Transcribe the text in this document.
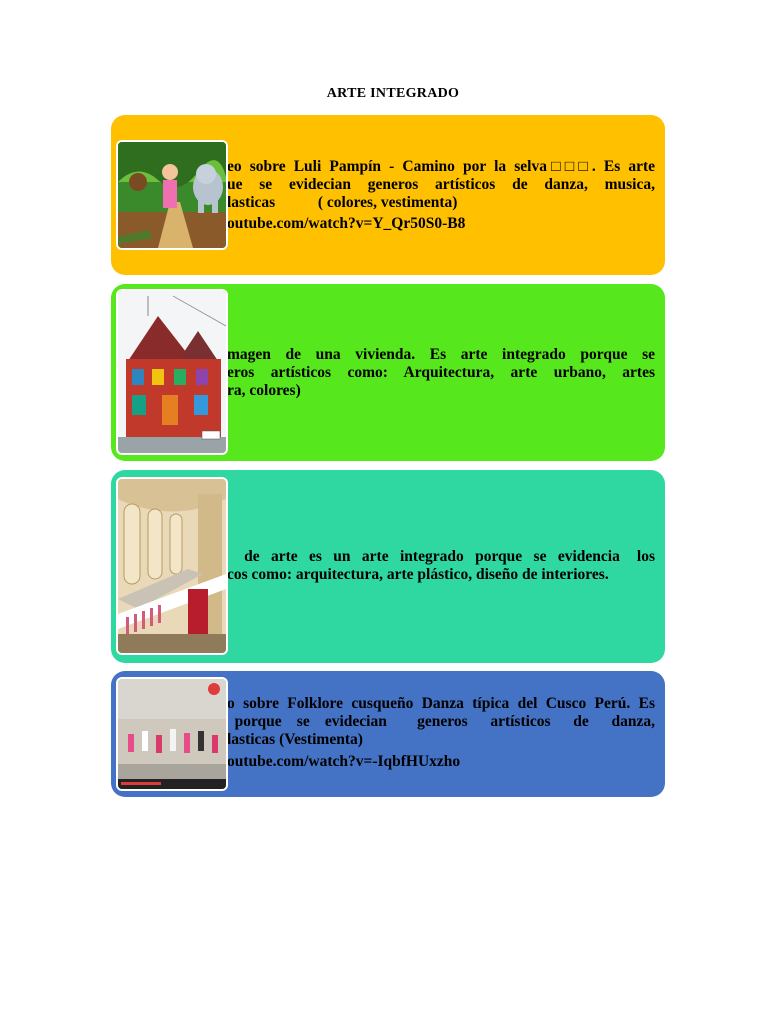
ARTE INTEGRADO
eo sobre Luli Pampín - Camino por la selva□□□. Es arte
ue se evidecian generos artísticos de danza, musica,
lasticas           ( colores, vestimenta)
outube.com/watch?v=Y_Qr50S0-B8
magen de una vivienda. Es arte integrado porque se
eros artísticos como: Arquitectura, arte urbano, artes
ra, colores)
de  arte  es  un  arte  integrado  porque  se  evidencia   los
cos como: arquitectura, arte plástico, diseño de interiores.
o sobre Folklore cusqueño Danza típica del Cusco Perú. Es
porque  se  evidecian    generos   artísticos   de   danza,
lasticas (Vestimenta)
outube.com/watch?v=-IqbfHUxzho
